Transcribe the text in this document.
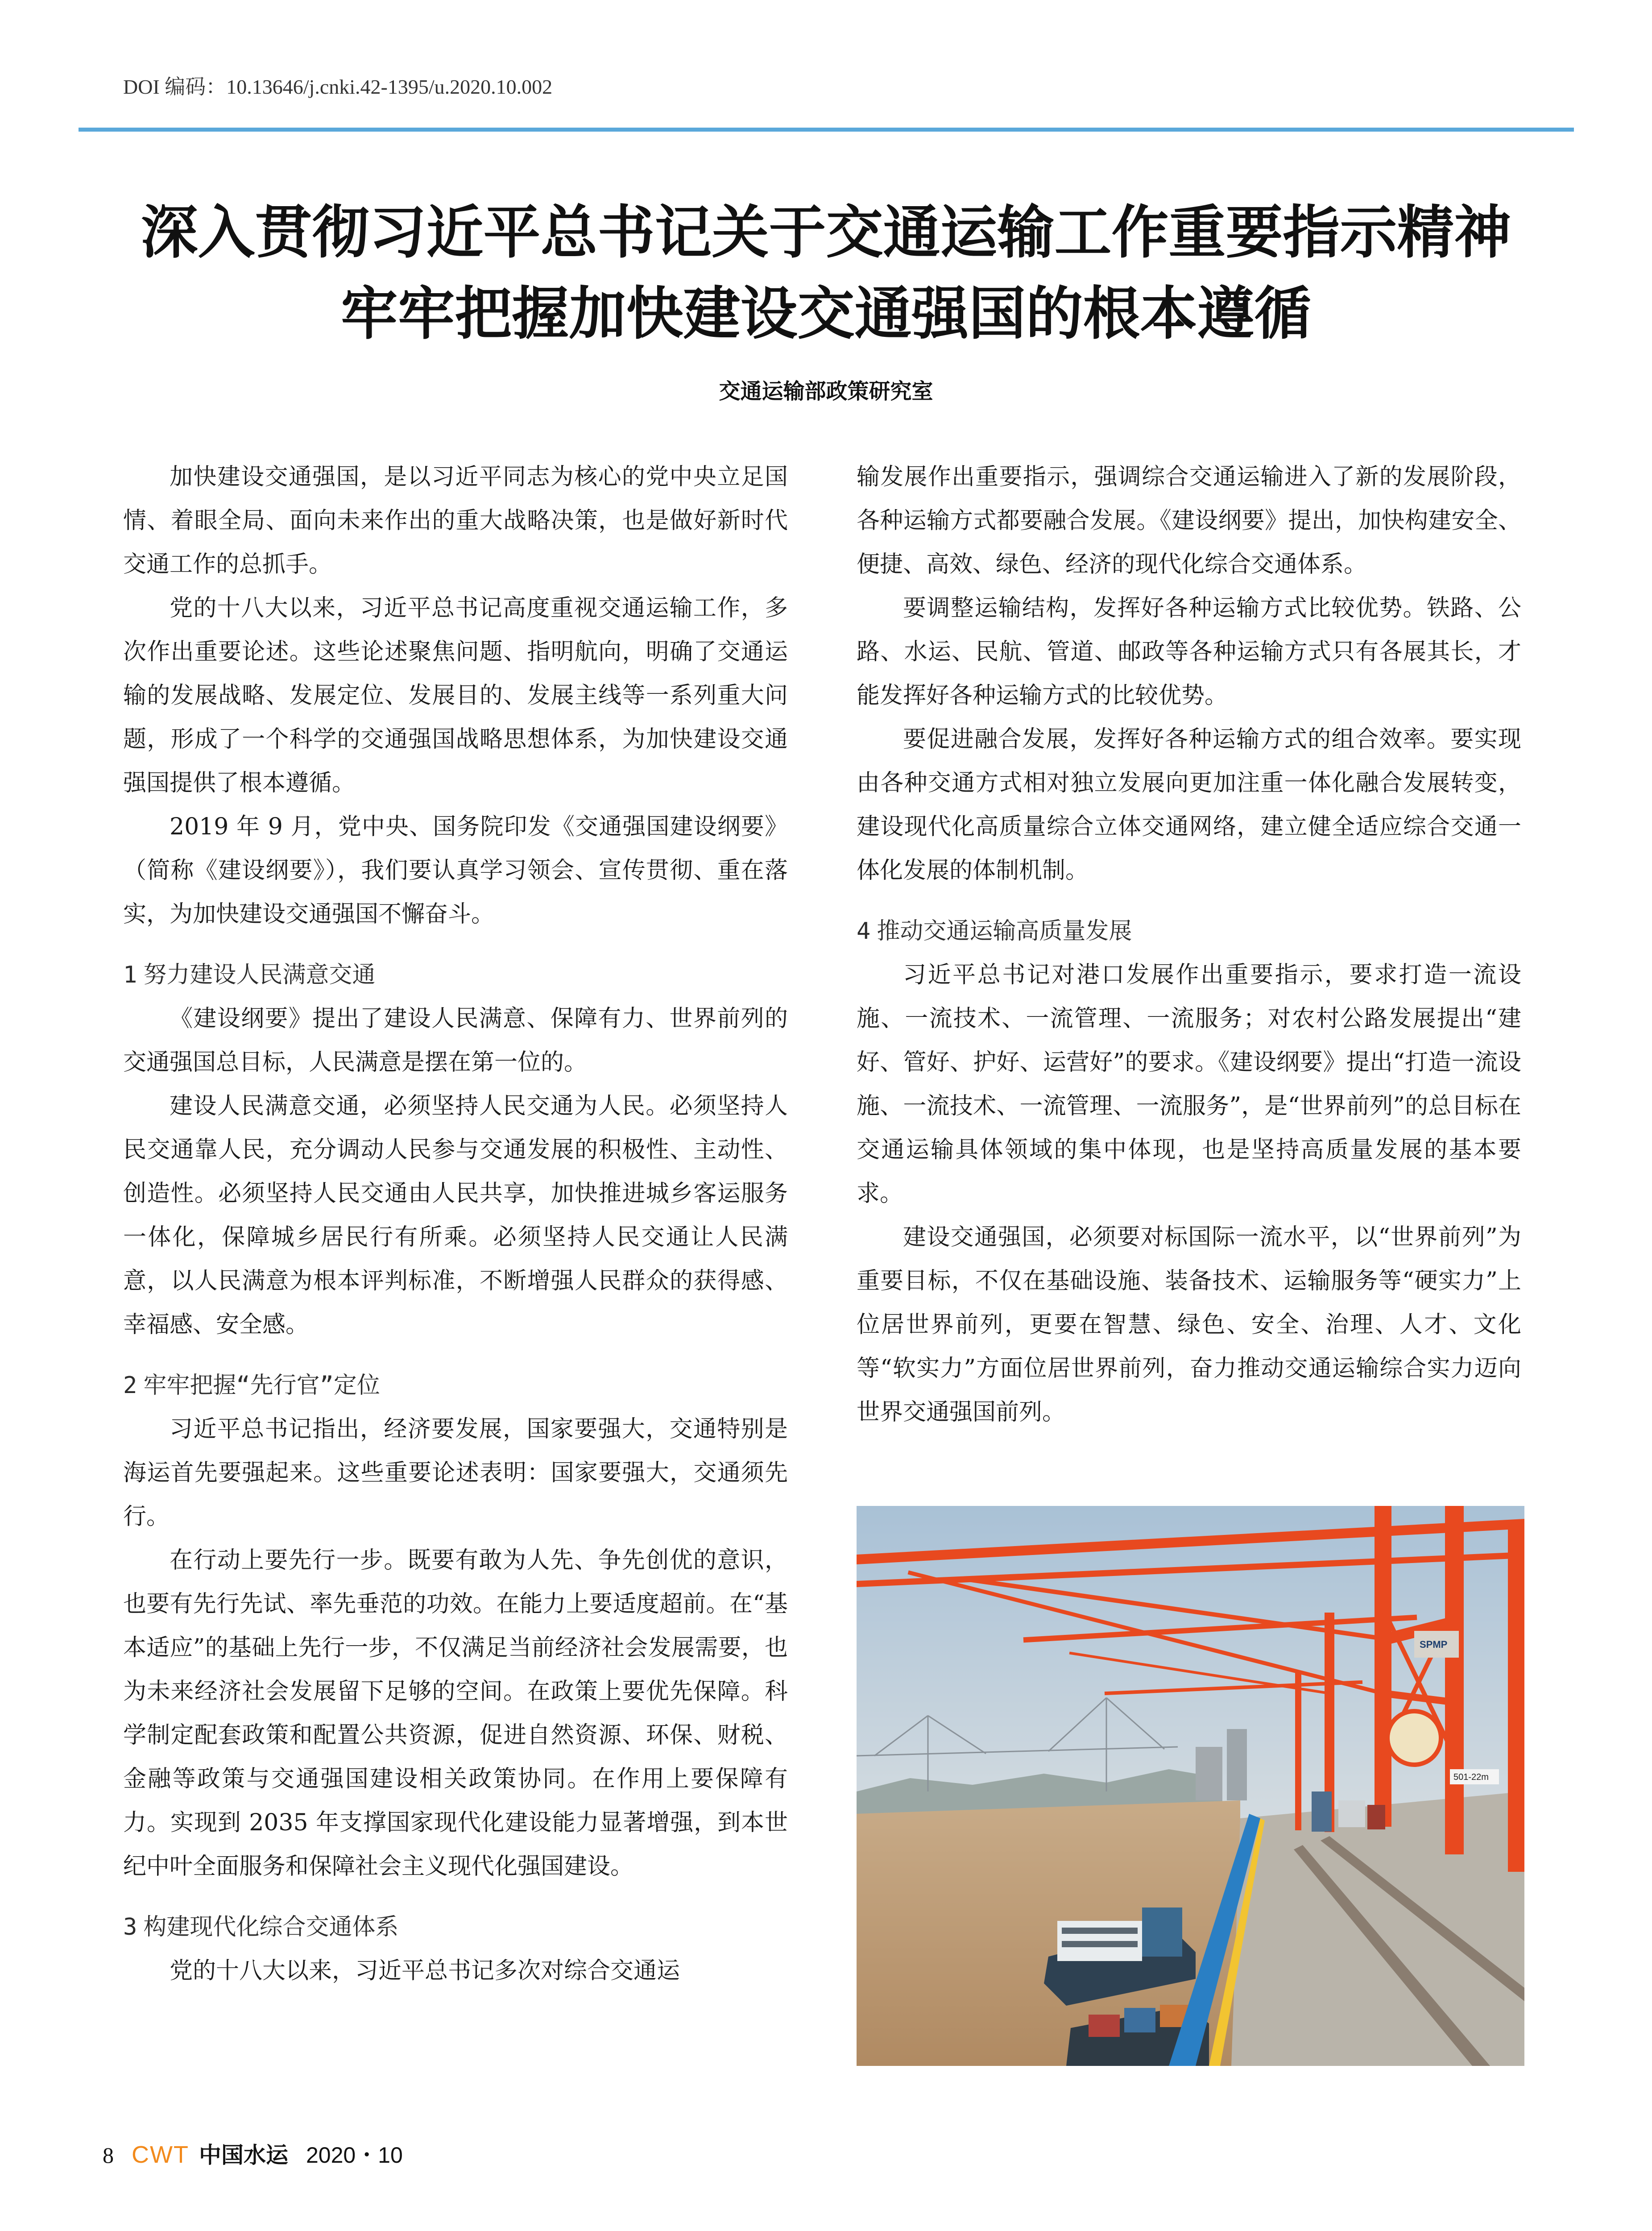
DOI 编码：10.13646/j.cnki.42-1395/u.2020.10.002
深入贯彻习近平总书记关于交通运输工作重要指示精神
牢牢把握加快建设交通强国的根本遵循
交通运输部政策研究室

加快建设交通强国，是以习近平同志为核心的党中央立足国情、着眼全局、面向未来作出的重大战略决策，也是做好新时代交通工作的总抓手。

党的十八大以来，习近平总书记高度重视交通运输工作，多次作出重要论述。这些论述聚焦问题、指明航向，明确了交通运输的发展战略、发展定位、发展目的、发展主线等一系列重大问题，形成了一个科学的交通强国战略思想体系，为加快建设交通强国提供了根本遵循。

2019 年 9 月，党中央、国务院印发《交通强国建设纲要》（简称《建设纲要》），我们要认真学习领会、宣传贯彻、重在落实，为加快建设交通强国不懈奋斗。

1 努力建设人民满意交通

《建设纲要》提出了建设人民满意、保障有力、世界前列的交通强国总目标，人民满意是摆在第一位的。

建设人民满意交通，必须坚持人民交通为人民。必须坚持人民交通靠人民，充分调动人民参与交通发展的积极性、主动性、创造性。必须坚持人民交通由人民共享，加快推进城乡客运服务一体化，保障城乡居民行有所乘。必须坚持人民交通让人民满意，以人民满意为根本评判标准，不断增强人民群众的获得感、幸福感、安全感。

2 牢牢把握“先行官”定位

习近平总书记指出，经济要发展，国家要强大，交通特别是海运首先要强起来。这些重要论述表明：国家要强大，交通须先行。

在行动上要先行一步。既要有敢为人先、争先创优的意识，也要有先行先试、率先垂范的功效。在能力上要适度超前。在“基本适应”的基础上先行一步，不仅满足当前经济社会发展需要，也为未来经济社会发展留下足够的空间。在政策上要优先保障。科学制定配套政策和配置公共资源，促进自然资源、环保、财税、金融等政策与交通强国建设相关政策协同。在作用上要保障有力。实现到 2035 年支撑国家现代化建设能力显著增强，到本世纪中叶全面服务和保障社会主义现代化强国建设。

3 构建现代化综合交通体系

党的十八大以来，习近平总书记多次对综合交通运

输发展作出重要指示，强调综合交通运输进入了新的发展阶段，各种运输方式都要融合发展。《建设纲要》提出，加快构建安全、便捷、高效、绿色、经济的现代化综合交通体系。

要调整运输结构，发挥好各种运输方式比较优势。铁路、公路、水运、民航、管道、邮政等各种运输方式只有各展其长，才能发挥好各种运输方式的比较优势。

要促进融合发展，发挥好各种运输方式的组合效率。要实现由各种交通方式相对独立发展向更加注重一体化融合发展转变，建设现代化高质量综合立体交通网络，建立健全适应综合交通一体化发展的体制机制。

4 推动交通运输高质量发展

习近平总书记对港口发展作出重要指示，要求打造一流设施、一流技术、一流管理、一流服务；对农村公路发展提出“建好、管好、护好、运营好”的要求。《建设纲要》提出“打造一流设施、一流技术、一流管理、一流服务”，是“世界前列”的总目标在交通运输具体领域的集中体现，也是坚持高质量发展的基本要求。

建设交通强国，必须要对标国际一流水平，以“世界前列”为重要目标，不仅在基础设施、装备技术、运输服务等“硬实力”上位居世界前列，更要在智慧、绿色、安全、治理、人才、文化等“软实力”方面位居世界前列，奋力推动交通运输综合实力迈向世界交通强国前列。

SPMP
501-22m
8 CWT 中国水运 2020・10
